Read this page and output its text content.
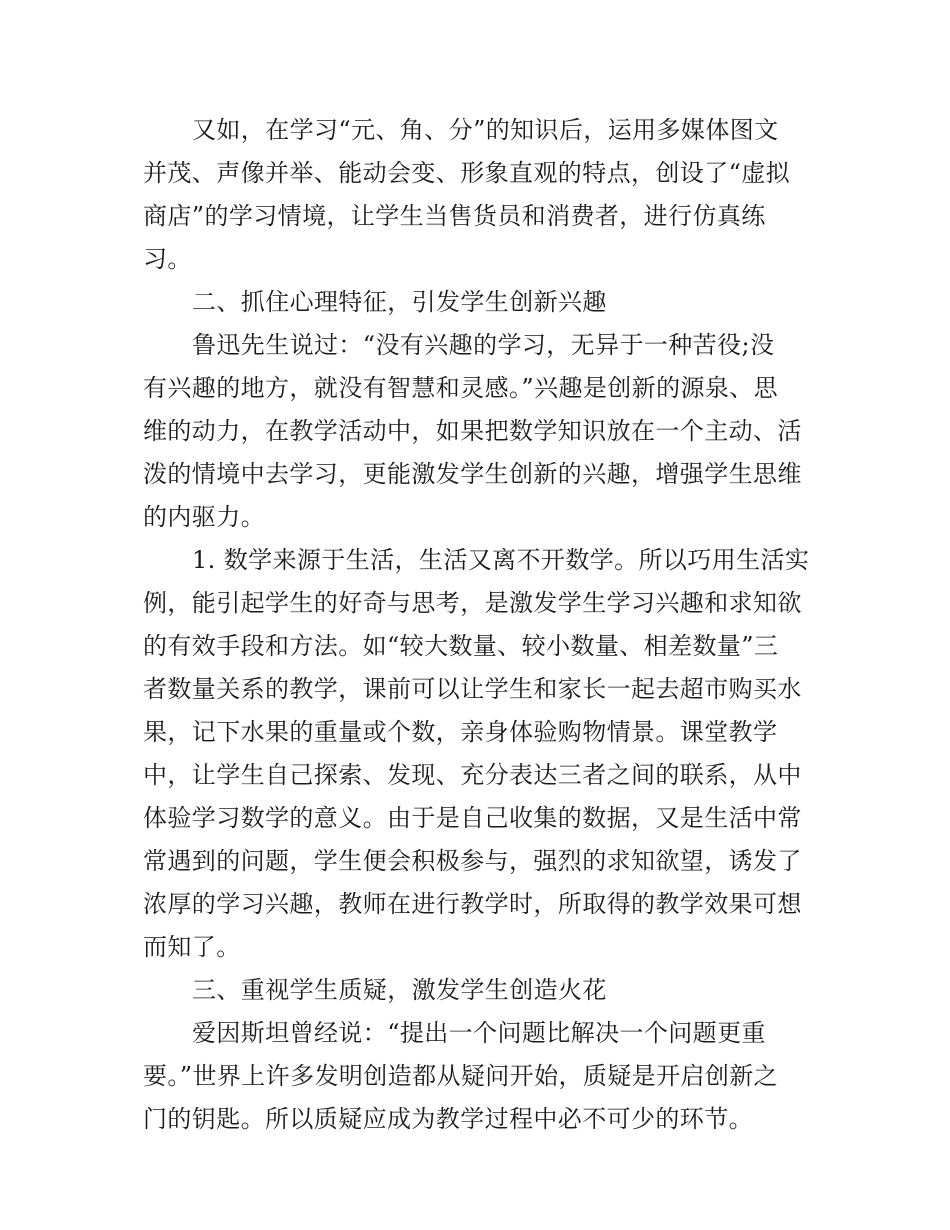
又如，在学习“元、角、分”的知识后，运用多媒体图文
并茂、声像并举、能动会变、形象直观的特点，创设了“虚拟
商店”的学习情境，让学生当售货员和消费者，进行仿真练
习。
二、抓住心理特征，引发学生创新兴趣
鲁迅先生说过：“没有兴趣的学习，无异于一种苦役;没
有兴趣的地方，就没有智慧和灵感。”兴趣是创新的源泉、思
维的动力，在教学活动中，如果把数学知识放在一个主动、活
泼的情境中去学习，更能激发学生创新的兴趣，增强学生思维
的内驱力。
1. 数学来源于生活，生活又离不开数学。所以巧用生活实
例，能引起学生的好奇与思考，是激发学生学习兴趣和求知欲
的有效手段和方法。如“较大数量、较小数量、相差数量”三
者数量关系的教学，课前可以让学生和家长一起去超市购买水
果，记下水果的重量或个数，亲身体验购物情景。课堂教学
中，让学生自己探索、发现、充分表达三者之间的联系，从中
体验学习数学的意义。由于是自己收集的数据，又是生活中常
常遇到的问题，学生便会积极参与，强烈的求知欲望，诱发了
浓厚的学习兴趣，教师在进行教学时，所取得的教学效果可想
而知了。
三、重视学生质疑，激发学生创造火花
爱因斯坦曾经说：“提出一个问题比解决一个问题更重
要。”世界上许多发明创造都从疑问开始，质疑是开启创新之
门的钥匙。所以质疑应成为教学过程中必不可少的环节。
